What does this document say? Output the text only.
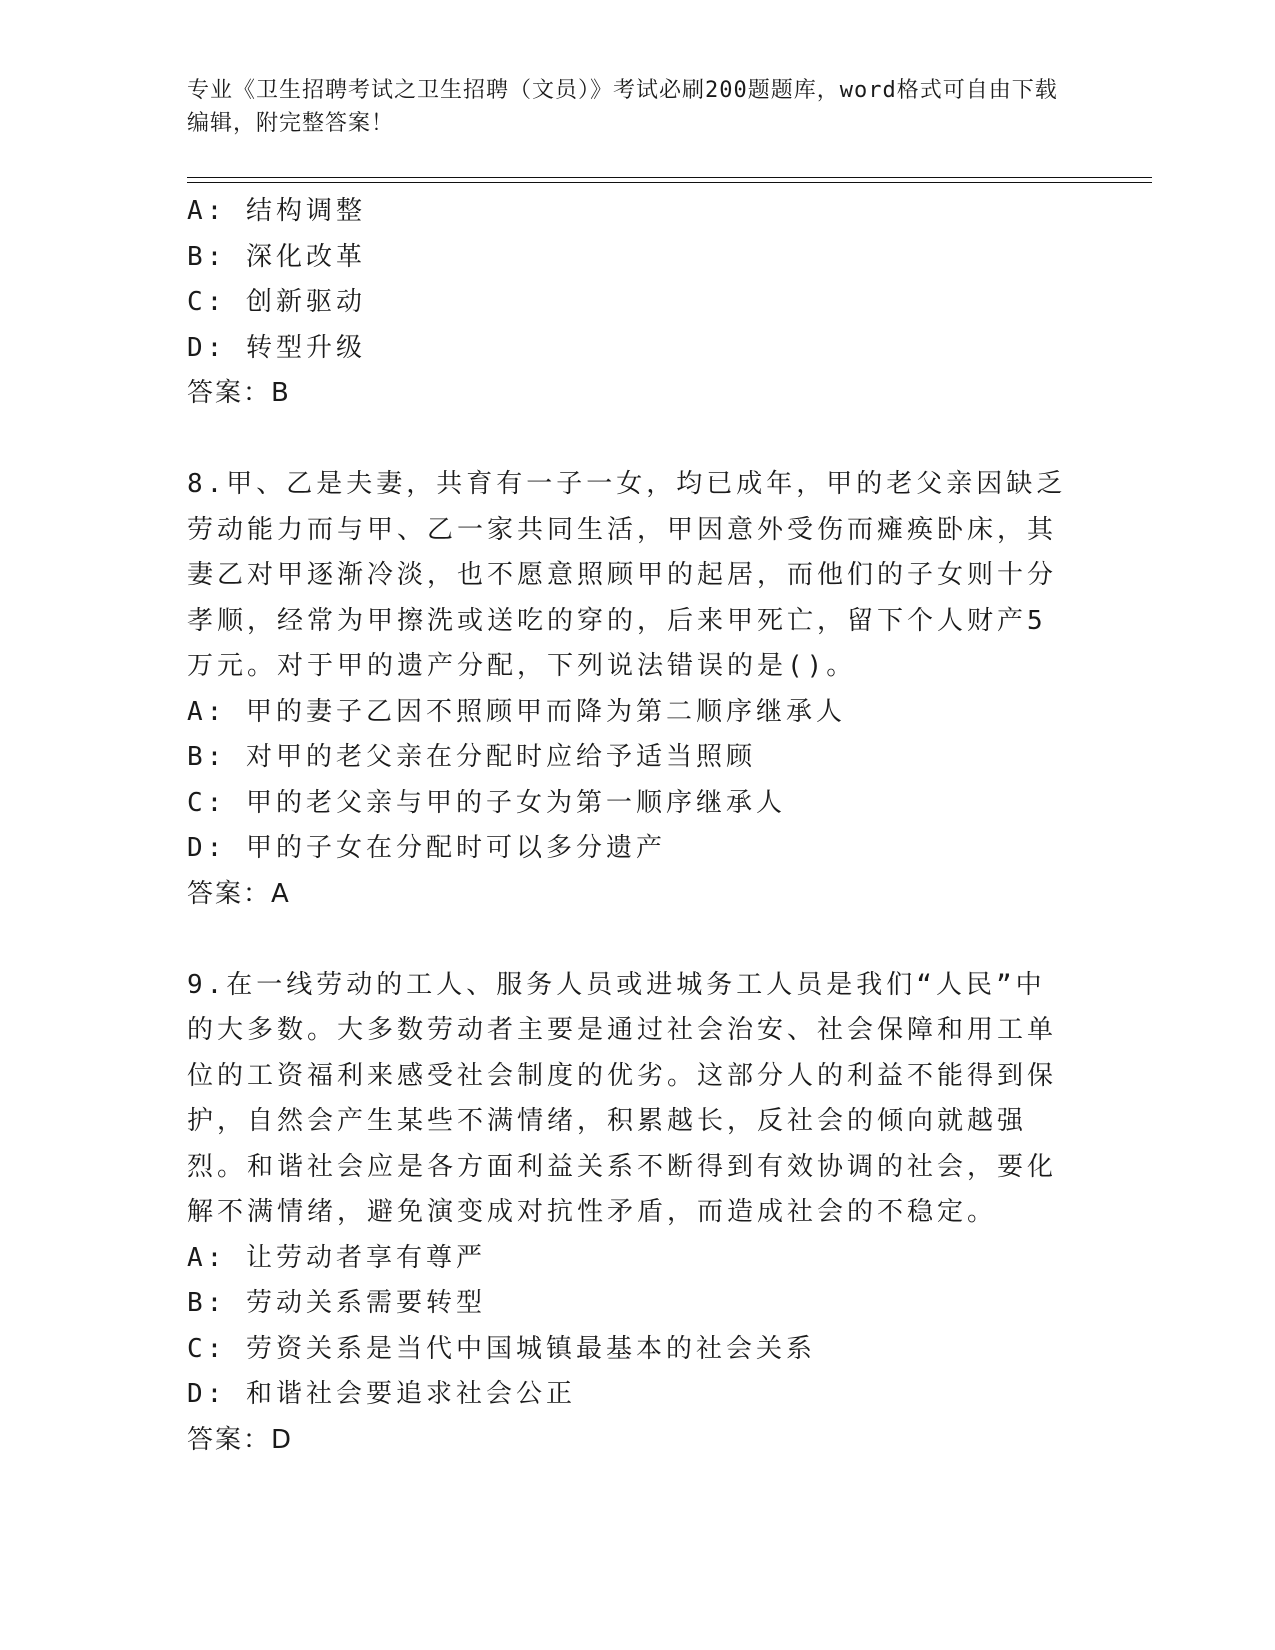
专业《卫生招聘考试之卫生招聘（文员）》考试必刷200题题库，word格式可自由下载编辑，附完整答案！

A: 结构调整

B: 深化改革

C: 创新驱动

D: 转型升级

答案：B

8.甲、乙是夫妻，共育有一子一女，均已成年，甲的老父亲因缺乏劳动能力而与甲、乙一家共同生活，甲因意外受伤而瘫痪卧床，其妻乙对甲逐渐冷淡，也不愿意照顾甲的起居，而他们的子女则十分孝顺，经常为甲擦洗或送吃的穿的，后来甲死亡，留下个人财产5万元。对于甲的遗产分配，下列说法错误的是()。

A: 甲的妻子乙因不照顾甲而降为第二顺序继承人

B: 对甲的老父亲在分配时应给予适当照顾

C: 甲的老父亲与甲的子女为第一顺序继承人

D: 甲的子女在分配时可以多分遗产

答案：A

9.在一线劳动的工人、服务人员或进城务工人员是我们“人民”中的大多数。大多数劳动者主要是通过社会治安、社会保障和用工单位的工资福利来感受社会制度的优劣。这部分人的利益不能得到保护，自然会产生某些不满情绪，积累越长，反社会的倾向就越强烈。和谐社会应是各方面利益关系不断得到有效协调的社会，要化解不满情绪，避免演变成对抗性矛盾，而造成社会的不稳定。

A: 让劳动者享有尊严

B: 劳动关系需要转型

C: 劳资关系是当代中国城镇最基本的社会关系

D: 和谐社会要追求社会公正

答案：D
